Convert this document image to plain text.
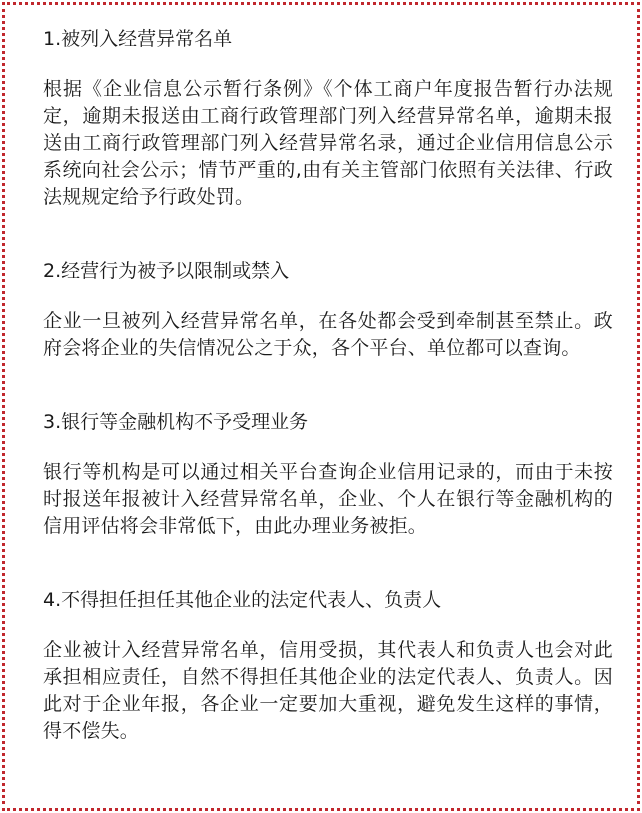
1.被列入经营异常名单

根据《企业信息公示暂行条例》《个体工商户年度报告暂行办法规定，逾期未报送由工商行政管理部门列入经营异常名单，逾期未报送由工商行政管理部门列入经营异常名录，通过企业信用信息公示系统向社会公示；情节严重的,由有关主管部门依照有关法律、行政法规规定给予行政处罚。

2.经营行为被予以限制或禁入

企业一旦被列入经营异常名单，在各处都会受到牵制甚至禁止。政府会将企业的失信情况公之于众，各个平台、单位都可以查询。

3.银行等金融机构不予受理业务

银行等机构是可以通过相关平台查询企业信用记录的，而由于未按时报送年报被计入经营异常名单，企业、个人在银行等金融机构的信用评估将会非常低下，由此办理业务被拒。

4.不得担任担任其他企业的法定代表人、负责人

企业被计入经营异常名单，信用受损，其代表人和负责人也会对此承担相应责任，自然不得担任其他企业的法定代表人、负责人。因此对于企业年报，各企业一定要加大重视，避免发生这样的事情，得不偿失。
